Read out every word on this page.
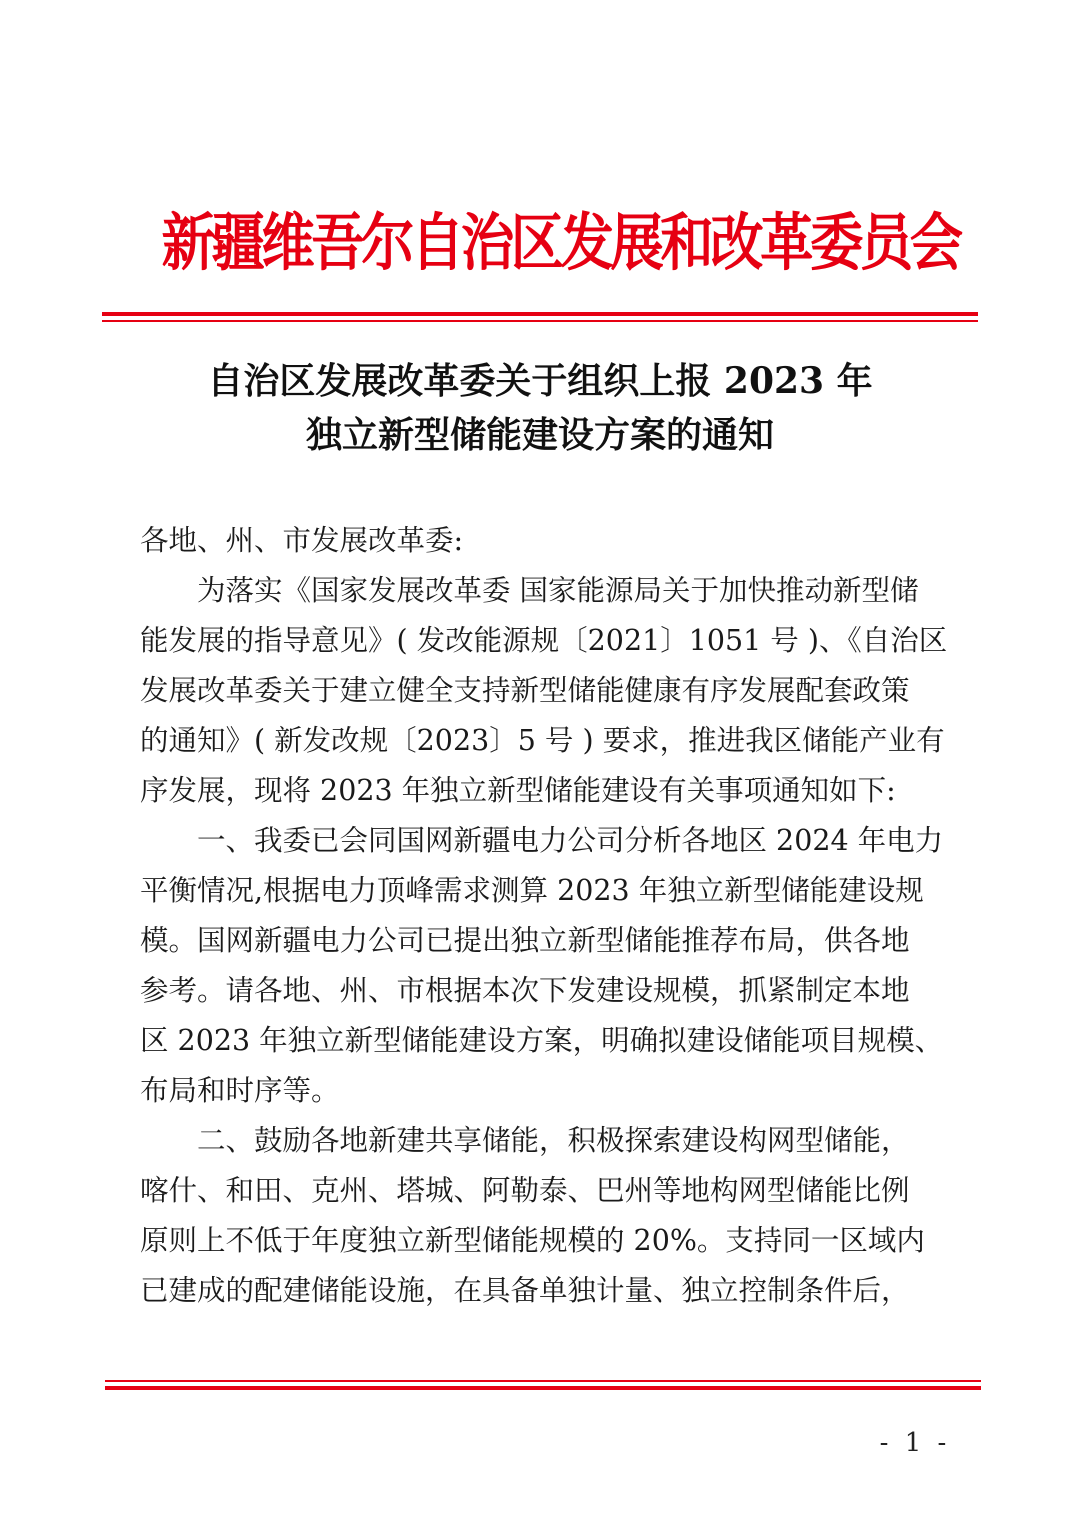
新疆维吾尔自治区发展和改革委员会
自治区发展改革委关于组织上报 2023 年
独立新型储能建设方案的通知
各地、州、市发展改革委:
为落实《国家发展改革委 国家能源局关于加快推动新型储
能发展的指导意见》( 发改能源规〔2021〕1051 号 )、《自治区
发展改革委关于建立健全支持新型储能健康有序发展配套政策
的通知》( 新发改规〔2023〕5 号 ) 要求，推进我区储能产业有
序发展，现将 2023 年独立新型储能建设有关事项通知如下:
一、我委已会同国网新疆电力公司分析各地区 2024 年电力
平衡情况,根据电力顶峰需求测算 2023 年独立新型储能建设规
模。国网新疆电力公司已提出独立新型储能推荐布局，供各地
参考。请各地、州、市根据本次下发建设规模，抓紧制定本地
区 2023 年独立新型储能建设方案，明确拟建设储能项目规模、
布局和时序等。
二、鼓励各地新建共享储能，积极探索建设构网型储能，
喀什、和田、克州、塔城、阿勒泰、巴州等地构网型储能比例
原则上不低于年度独立新型储能规模的 20%。支持同一区域内
已建成的配建储能设施，在具备单独计量、独立控制条件后，
- 1 -
